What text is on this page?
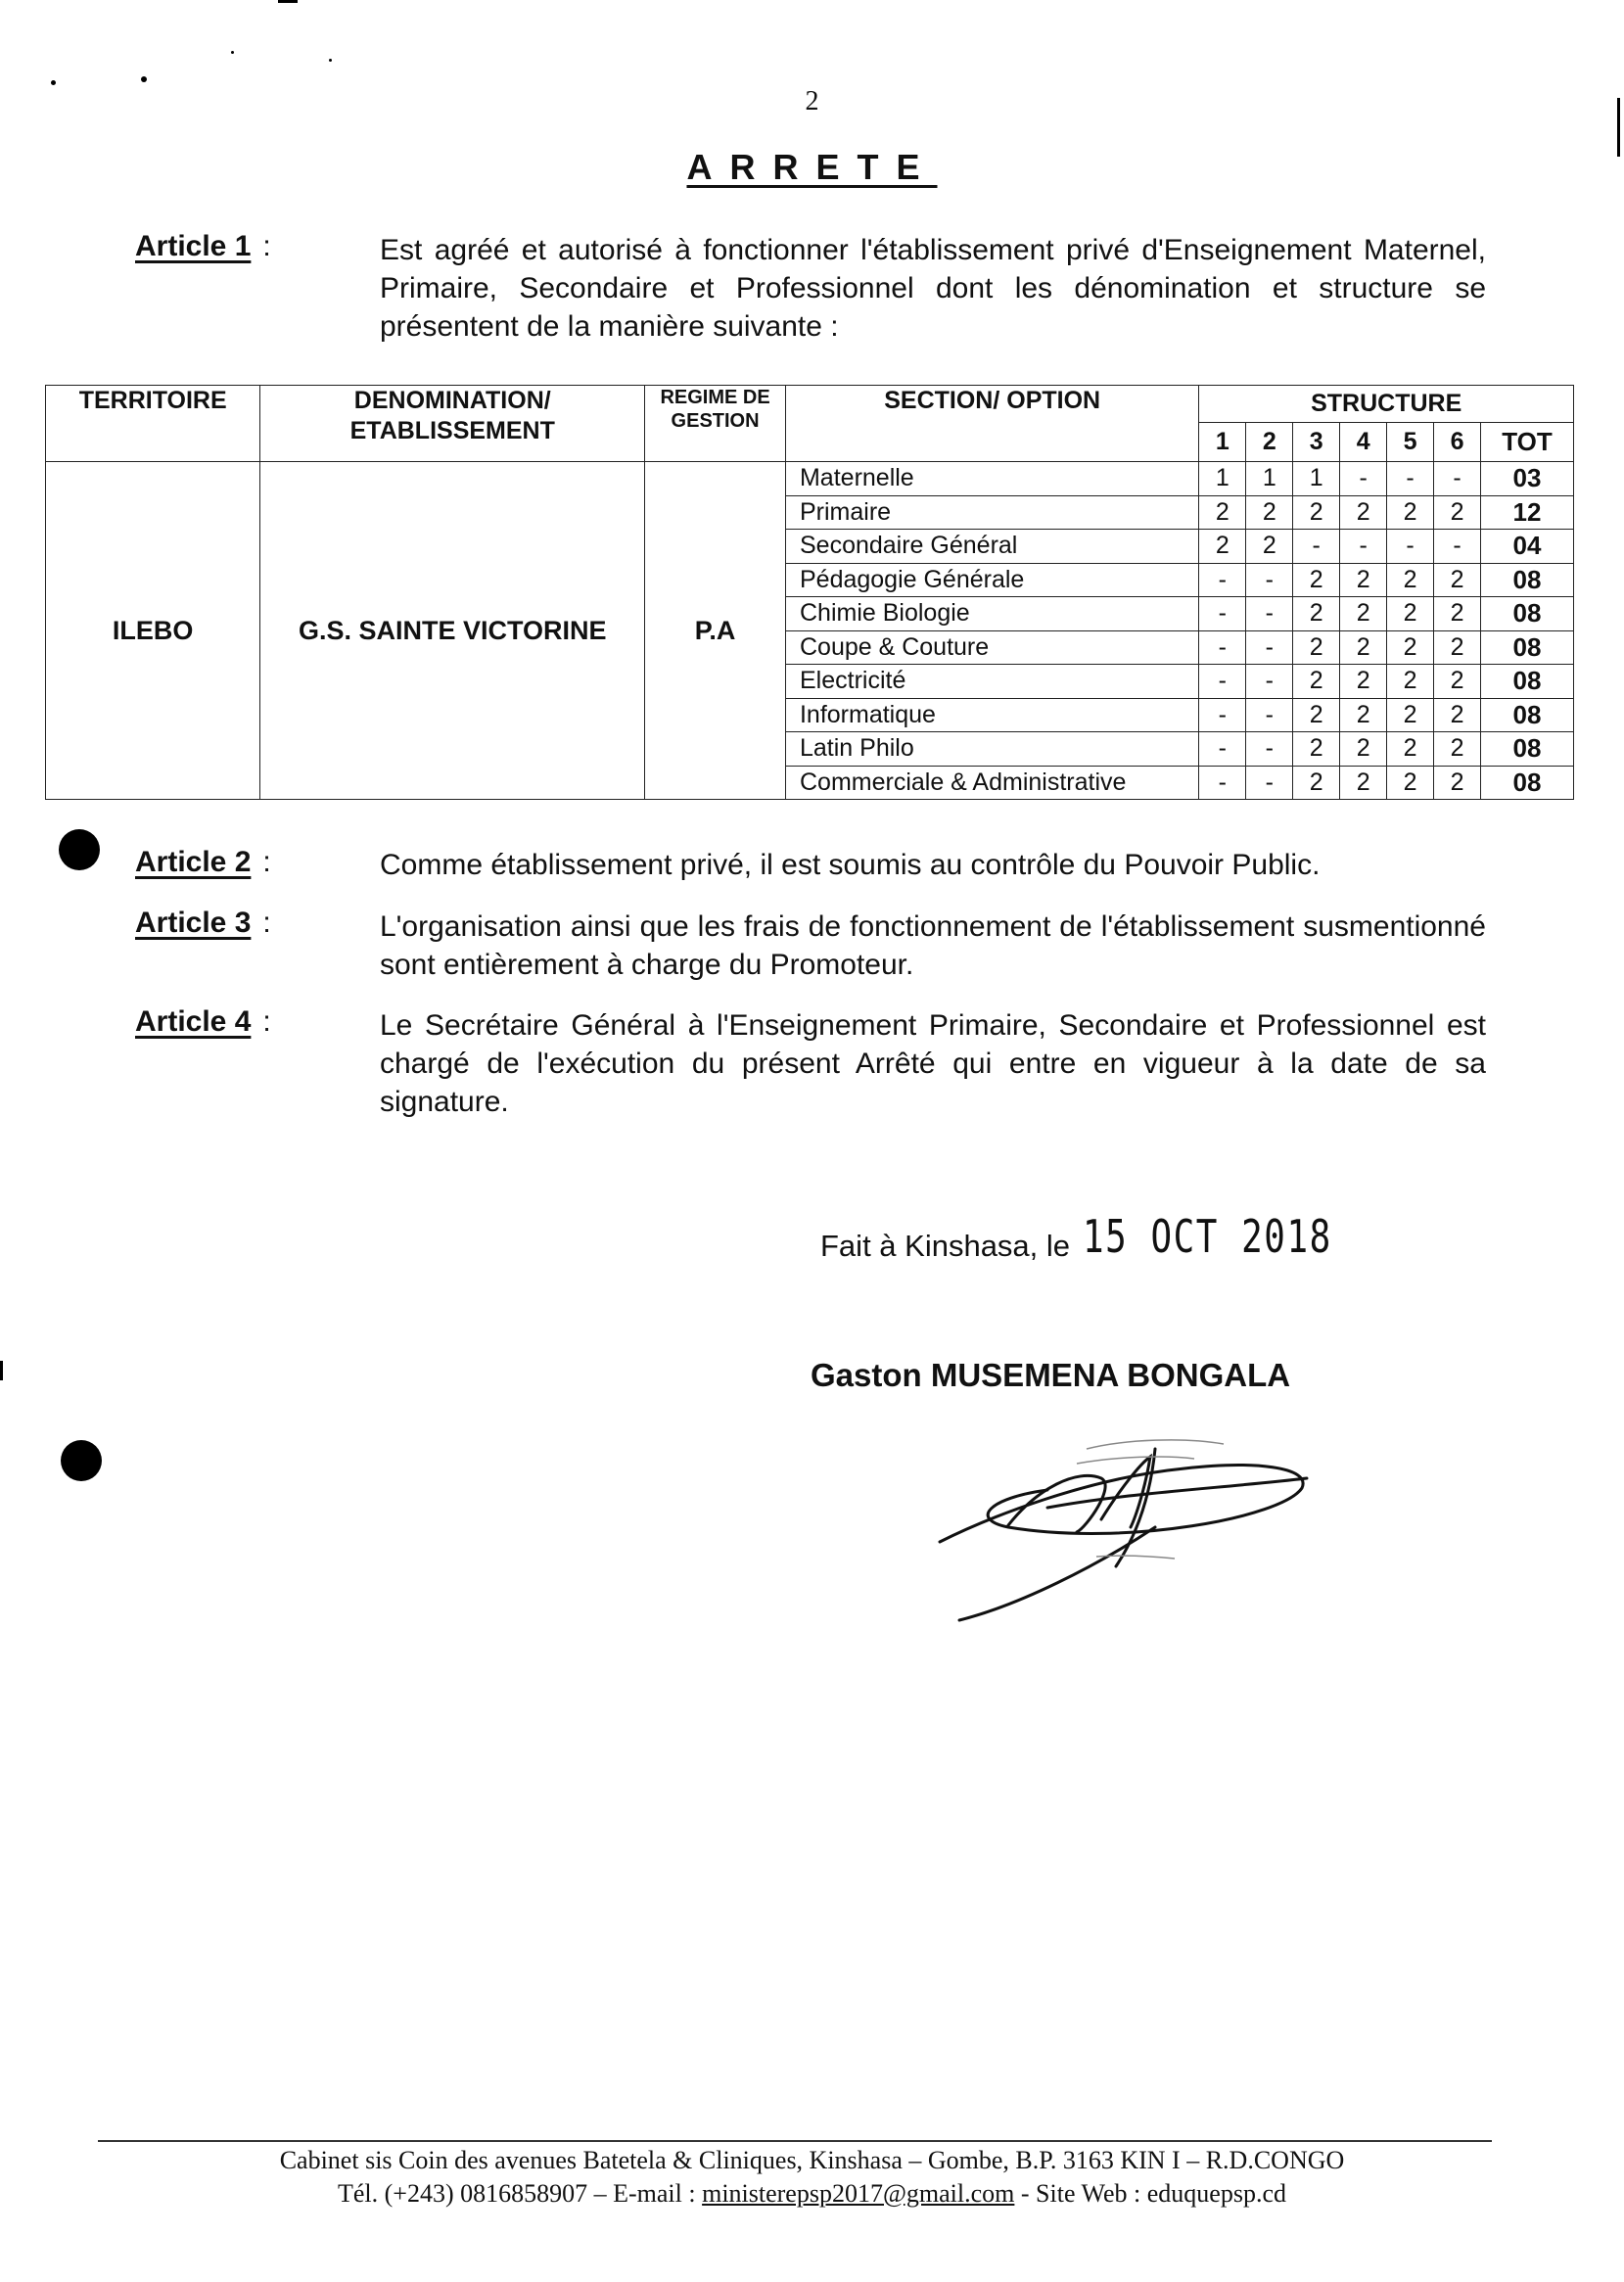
2
ARRETE
Article 1 :	Est agréé et autorisé à fonctionner l'établissement privé d'Enseignement Maternel, Primaire, Secondaire et Professionnel dont les dénomination et structure se présentent de la manière suivante :
TERRITOIRE	DENOMINATION/ ETABLISSEMENT	REGIME DE GESTION	SECTION/ OPTION	STRUCTURE						
				1	2	3	4	5	6	TOT
ILEBO	G.S. SAINTE VICTORINE	P.A	Maternelle	1	1	1	-	-	-	03
			Primaire	2	2	2	2	2	2	12
			Secondaire Général	2	2	-	-	-	-	04
			Pédagogie Générale	-	-	2	2	2	2	08
			Chimie Biologie	-	-	2	2	2	2	08
			Coupe & Couture	-	-	2	2	2	2	08
			Electricité	-	-	2	2	2	2	08
			Informatique	-	-	2	2	2	2	08
			Latin Philo	-	-	2	2	2	2	08
			Commerciale & Administrative	-	-	2	2	2	2	08
Article 2 :	Comme établissement privé, il est soumis au contrôle du Pouvoir Public.
Article 3 :	L'organisation ainsi que les frais de fonctionnement de l'établissement susmentionné sont entièrement à charge du Promoteur.
Article 4 :	Le Secrétaire Général à l'Enseignement Primaire, Secondaire et Professionnel est chargé de l'exécution du présent Arrêté qui entre en vigueur à la date de sa signature.
Fait à Kinshasa, le 15 OCT 2018
Gaston MUSEMENA BONGALA
Cabinet sis Coin des avenues Batetela & Cliniques, Kinshasa – Gombe, B.P. 3163 KIN I – R.D.CONGO
Tél. (+243) 0816858907 – E-mail : ministerepsp2017@gmail.com - Site Web : eduquepsp.cd
